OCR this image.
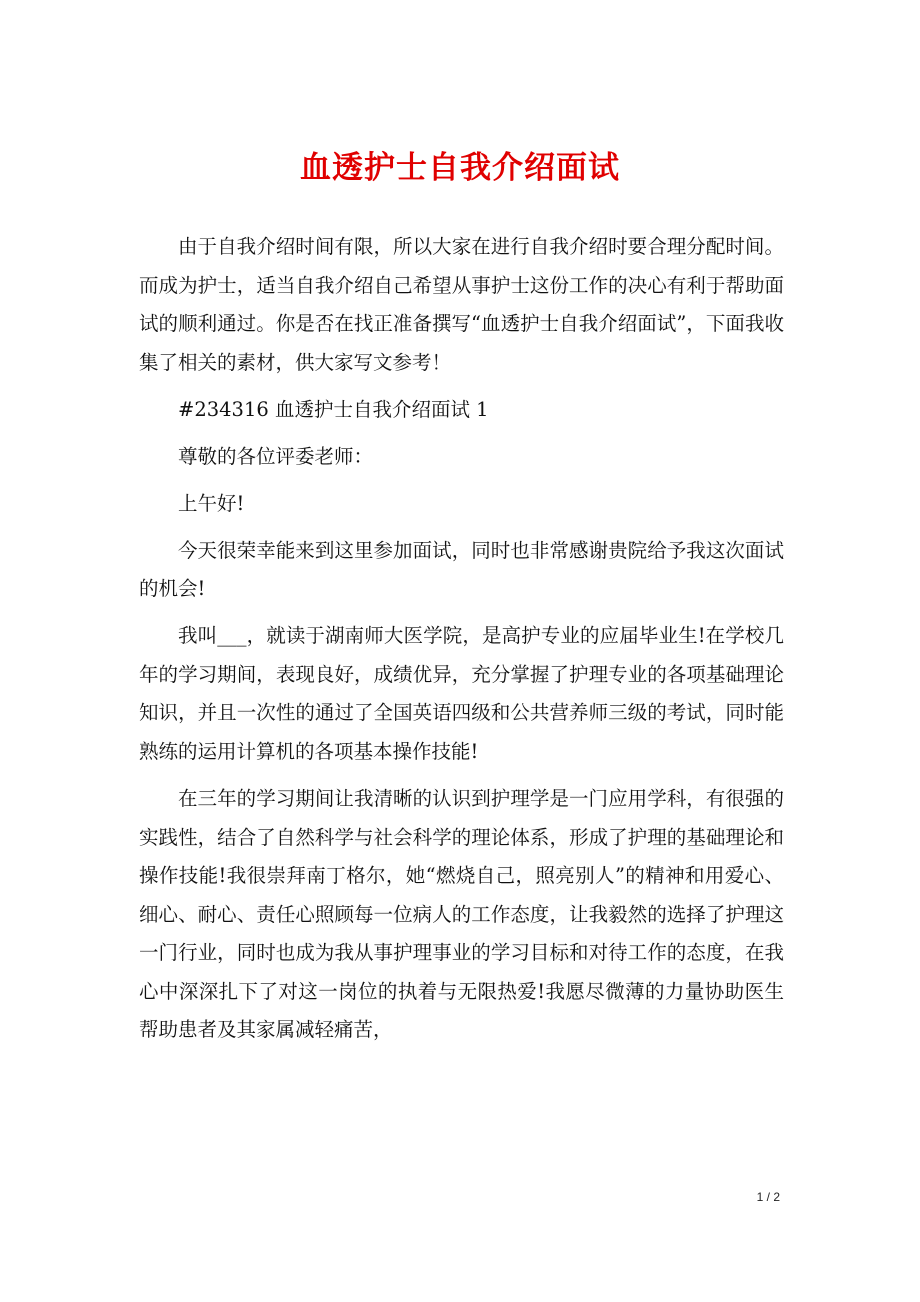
血透护士自我介绍面试

由于自我介绍时间有限，所以大家在进行自我介绍时要合理分配时间。而成为护士，适当自我介绍自己希望从事护士这份工作的决心有利于帮助面试的顺利通过。你是否在找正准备撰写“血透护士自我介绍面试”，下面我收集了相关的素材，供大家写文参考！

#234316 血透护士自我介绍面试 1

尊敬的各位评委老师：

上午好!

今天很荣幸能来到这里参加面试，同时也非常感谢贵院给予我这次面试的机会!

我叫___，就读于湖南师大医学院，是高护专业的应届毕业生!在学校几年的学习期间，表现良好，成绩优异，充分掌握了护理专业的各项基础理论知识，并且一次性的通过了全国英语四级和公共营养师三级的考试，同时能熟练的运用计算机的各项基本操作技能!

在三年的学习期间让我清晰的认识到护理学是一门应用学科，有很强的实践性，结合了自然科学与社会科学的理论体系，形成了护理的基础理论和操作技能!我很崇拜南丁格尔，她“燃烧自己，照亮别人”的精神和用爱心、细心、耐心、责任心照顾每一位病人的工作态度，让我毅然的选择了护理这一门行业，同时也成为我从事护理事业的学习目标和对待工作的态度，在我心中深深扎下了对这一岗位的执着与无限热爱!我愿尽微薄的力量协助医生帮助患者及其家属减轻痛苦，

1 / 2
